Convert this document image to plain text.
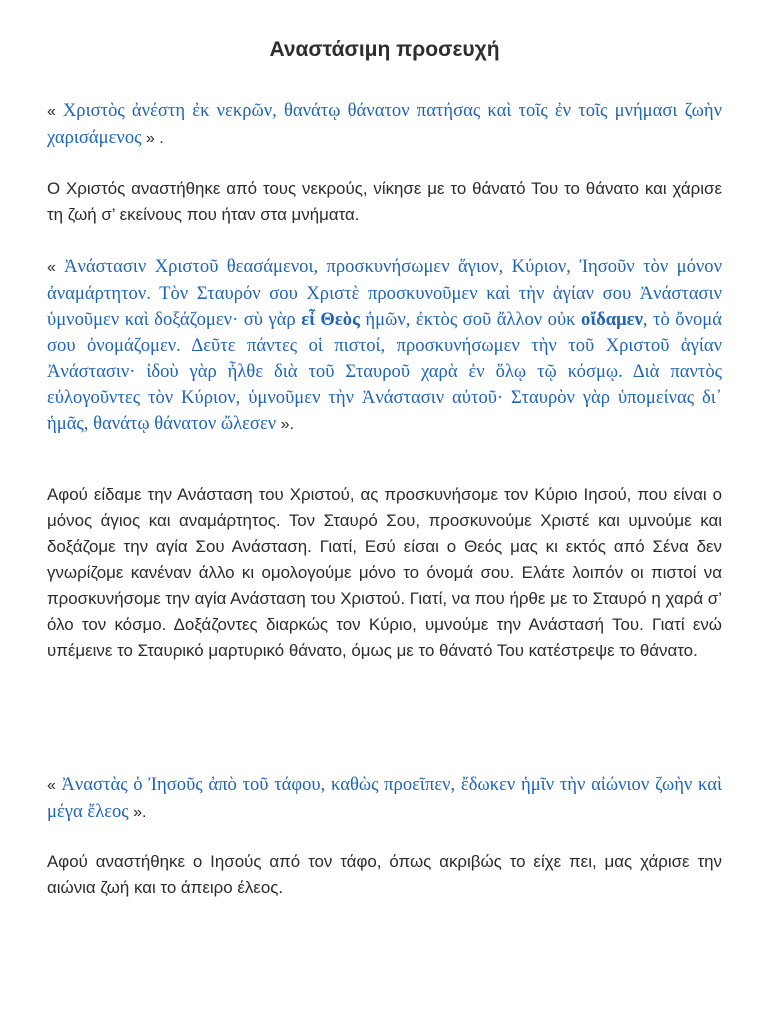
Αναστάσιμη προσευχή

« Χριστὸς ἀνέστη ἐκ νεκρῶν, θανάτῳ θάνατον πατήσας καὶ τοῖς ἐν τοῖς μνήμασι ζωὴν χαρισάμενος » .

Ο Χριστός αναστήθηκε από τους νεκρούς, νίκησε με το θάνατό Του το θάνατο και χάρισε τη ζωή σ’ εκείνους που ήταν στα μνήματα.

« Ἀνάστασιν Χριστοῦ θεασάμενοι, προσκυνήσωμεν ἅγιον, Κύριον, Ἰησοῦν τὸν μόνον ἀναμάρτητον. Τὸν Σταυρόν σου Χριστὲ προσκυνοῦμεν καὶ τὴν ἁγίαν σου Ἀνάστασιν ὑμνοῦμεν καὶ δοξάζομεν· σὺ γὰρ εἶ Θεὸς ἡμῶν, ἐκτὸς σοῦ ἄλλον οὐκ οἴδαμεν, τὸ ὄνομά σου ὀνομάζομεν. Δεῦτε πάντες οἱ πιστοί, προσκυνήσωμεν τὴν τοῦ Χριστοῦ ἁγίαν Ἀνάστασιν· ἰδοὺ γὰρ ἦλθε διὰ τοῦ Σταυροῦ χαρὰ ἐν ὅλῳ τῷ κόσμῳ. Διὰ παντὸς εὐλογοῦντες τὸν Κύριον, ὑμνοῦμεν τὴν Ἀνάστασιν αὐτοῦ· Σταυρὸν γὰρ ὑπομείνας δι᾽ ἡμᾶς, θανάτῳ θάνατον ὤλεσεν ».

Αφού είδαμε την Ανάσταση του Χριστού, ας προσκυνήσομε τον Κύριο Ιησού, που είναι ο μόνος άγιος και αναμάρτητος. Τον Σταυρό Σου, προσκυνούμε Χριστέ και υμνούμε και δοξάζομε την αγία Σου Ανάσταση. Γιατί, Εσύ είσαι ο Θεός μας κι εκτός από Σένα δεν γνωρίζομε κανέναν άλλο κι ομολογούμε μόνο το όνομά σου. Ελάτε λοιπόν οι πιστοί να προσκυνήσομε την αγία Ανάσταση του Χριστού. Γιατί, να που ήρθε με το Σταυρό η χαρά σ’ όλο τον κόσμο. Δοξάζοντες διαρκώς τον Κύριο, υμνούμε την Ανάστασή Του. Γιατί ενώ υπέμεινε το Σταυρικό μαρτυρικό θάνατο, όμως με το θάνατό Του κατέστρεψε το θάνατο.

« Ἀναστὰς ὁ Ἰησοῦς ἀπὸ τοῦ τάφου, καθὼς προεῖπεν, ἔδωκεν ἡμῖν τὴν αἰώνιον ζωὴν καὶ μέγα ἔλεος ».

Αφού αναστήθηκε ο Ιησούς από τον τάφο, όπως ακριβώς το είχε πει, μας χάρισε την αιώνια ζωή και το άπειρο έλεος.
